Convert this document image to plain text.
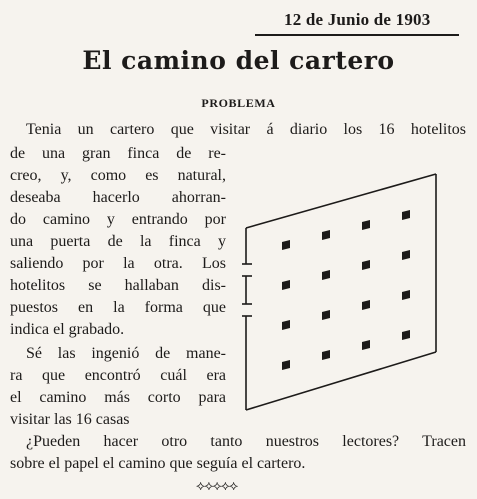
12 de Junio de 1903
El camino del cartero
PROBLEMA
Tenia un cartero que visitar á diario los 16 hotelitos
de una gran finca de re-
creo, y, como es natural,
deseaba hacerlo ahorran-
do camino y entrando por
una puerta de la finca y
saliendo por la otra. Los
hotelitos se hallaban dis-
puestos en la forma que
indica el grabado.
Sé las ingenió de mane-
ra que encontró cuál era
el camino más corto para
visitar las 16 casas
¿Pueden hacer otro tanto nuestros lectores? Tracen
sobre el papel el camino que seguía el cartero.
⟡⟡⟡⟡⟡
